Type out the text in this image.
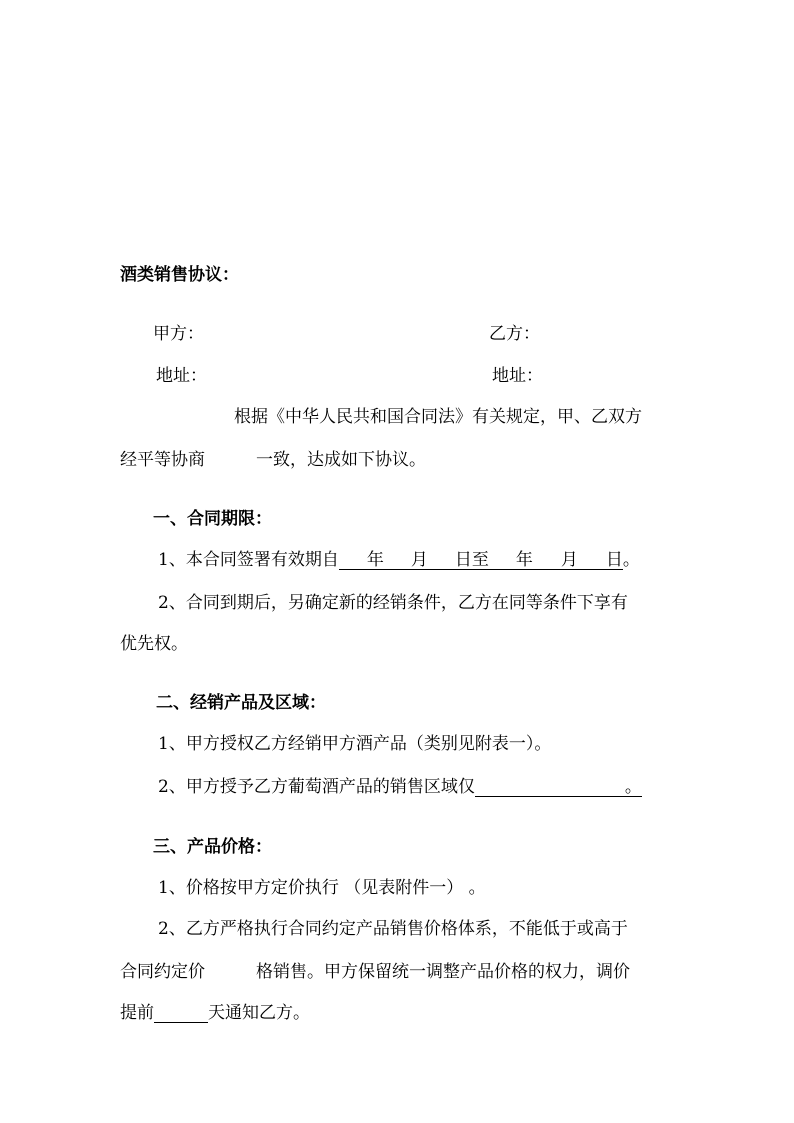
酒类销售协议：
甲方：	乙方：
地址：	地址：
根据《中华人民共和国合同法》有关规定，甲、乙双方
经平等协商	一致，达成如下协议。
一、合同期限：
1、本合同签署有效期自 年 月 日至 年 月 日。
2、合同到期后，另确定新的经销条件，乙方在同等条件下享有
优先权。
二、经销产品及区域：
1、甲方授权乙方经销甲方酒产品（类别见附表一）。
2、甲方授予乙方葡萄酒产品的销售区域仅	。
三、产品价格：
1、价格按甲方定价执行 （见表附件一） 。
2、乙方严格执行合同约定产品销售价格体系，不能低于或高于
合同约定价	格销售。甲方保留统一调整产品价格的权力，调价
提前	天通知乙方。
